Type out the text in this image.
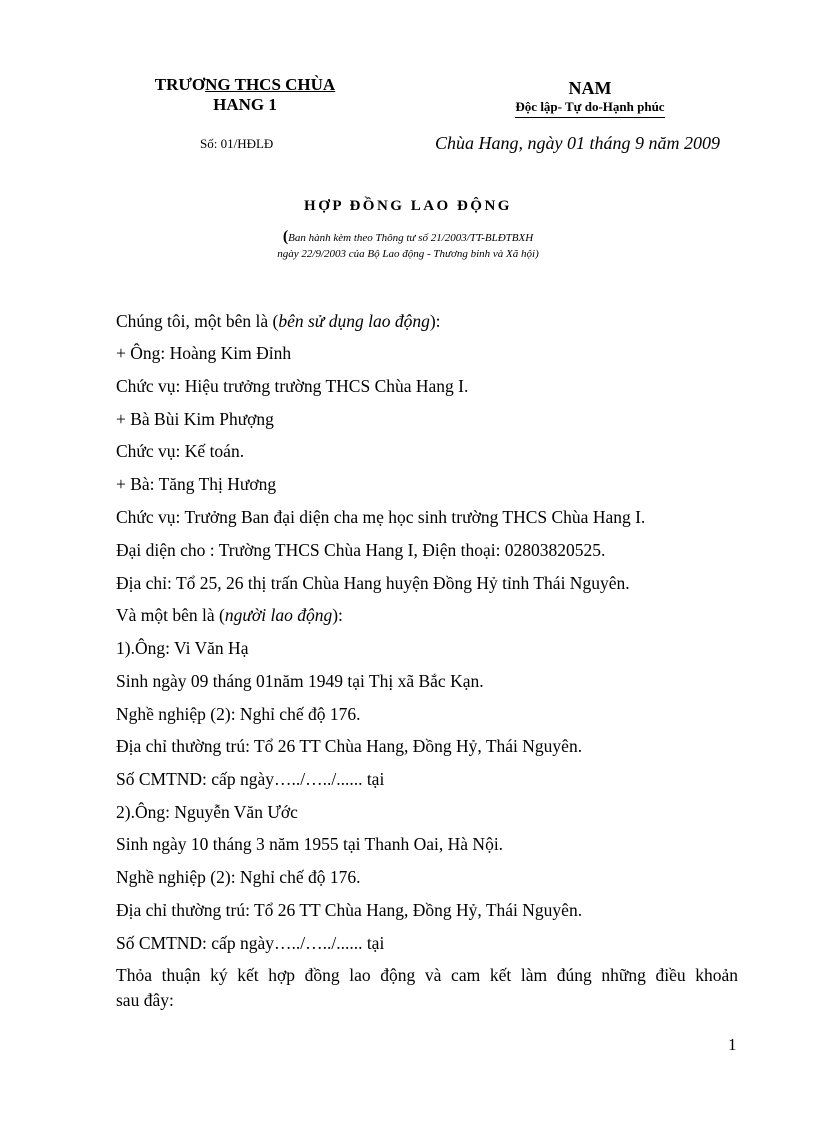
TRƯƠNG THCS CHÙA
HANG 1
NAM
Độc lập- Tự do-Hạnh phúc
Số: 01/HĐLĐ	Chùa Hang, ngày 01 tháng 9 năm 2009
HỢP ĐỒNG LAO ĐỘNG
(Ban hành kèm theo Thông tư số 21/2003/TT-BLĐTBXH
ngày 22/9/2003 của Bộ Lao động - Thương binh và Xã hội)
Chúng tôi, một bên là (bên sử dụng lao động):
+ Ông: Hoàng Kim Đỉnh
Chức vụ: Hiệu trưởng trường THCS Chùa Hang I.
+ Bà Bùi Kim Phượng
Chức vụ: Kế toán.
+ Bà: Tăng Thị Hương
Chức vụ: Trưởng Ban đại diện cha mẹ học sinh trường THCS Chùa Hang I.
Đại diện cho : Trường THCS Chùa Hang I, Điện thoại: 02803820525.
Địa chỉ: Tổ 25, 26 thị trấn Chùa Hang huyện Đồng Hỷ tỉnh Thái Nguyên.
Và một bên là (người lao động):
1).Ông: Vi Văn Hạ
Sinh ngày 09 tháng 01năm 1949 tại Thị xã Bắc Kạn.
Nghề nghiệp (2): Nghỉ chế độ 176.
Địa chỉ thường trú: Tổ 26 TT Chùa Hang, Đồng Hỷ, Thái Nguyên.
Số CMTND: cấp ngày…../…../...... tại
2).Ông: Nguyễn Văn Ước
Sinh ngày 10 tháng 3 năm 1955 tại Thanh Oai, Hà Nội.
Nghề nghiệp (2): Nghỉ chế độ 176.
Địa chỉ thường trú: Tổ 26 TT Chùa Hang, Đồng Hỷ, Thái Nguyên.
Số CMTND: cấp ngày…../…../...... tại
Thỏa thuận ký kết hợp đồng lao động và cam kết làm đúng những điều khoản
sau đây:
1
